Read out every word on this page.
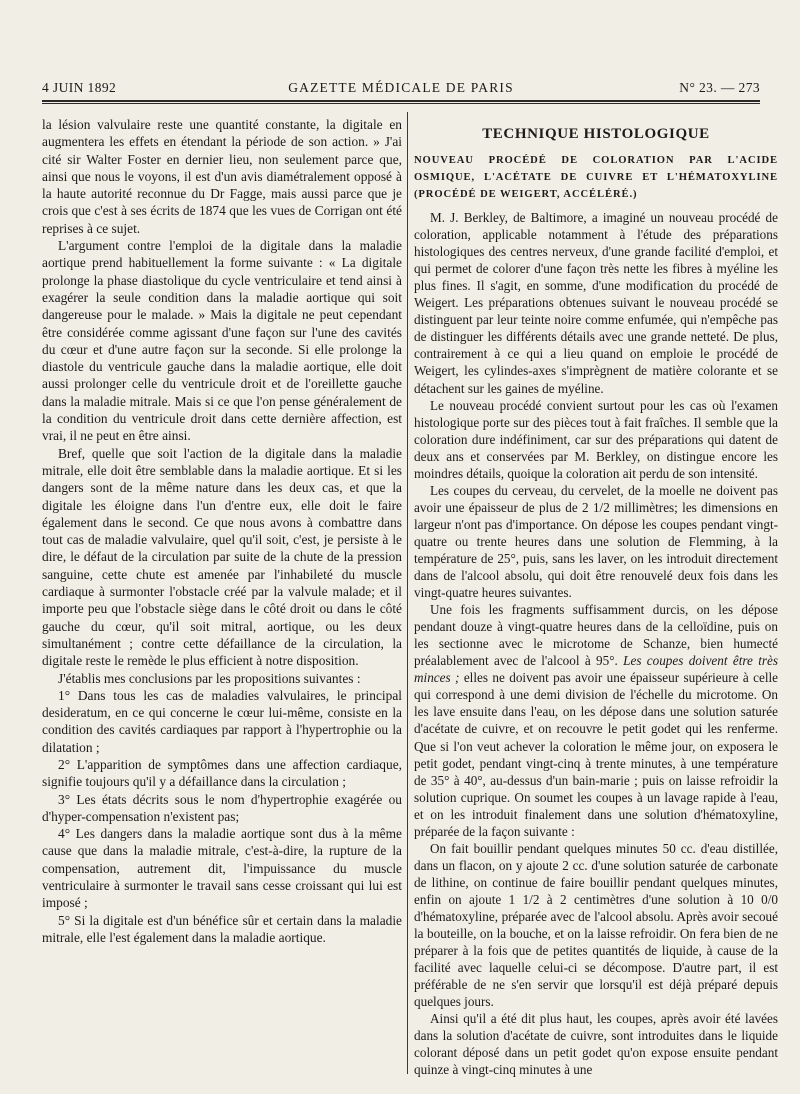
4 JUIN 1892	GAZETTE MÉDICALE DE PARIS	N° 23. — 273

la lésion valvulaire reste une quantité constante, la digitale en augmentera les effets en étendant la période de son action. » J'ai cité sir Walter Foster en dernier lieu, non seulement parce que, ainsi que nous le voyons, il est d'un avis diamétralement opposé à la haute autorité reconnue du Dr Fagge, mais aussi parce que je crois que c'est à ses écrits de 1874 que les vues de Corrigan ont été reprises à ce sujet.

L'argument contre l'emploi de la digitale dans la maladie aortique prend habituellement la forme suivante : « La digitale prolonge la phase diastolique du cycle ventriculaire et tend ainsi à exagérer la seule condition dans la maladie aortique qui soit dangereuse pour le malade. » Mais la digitale ne peut cependant être considérée comme agissant d'une façon sur l'une des cavités du cœur et d'une autre façon sur la seconde. Si elle prolonge la diastole du ventricule gauche dans la maladie aortique, elle doit aussi prolonger celle du ventricule droit et de l'oreillette gauche dans la maladie mitrale. Mais si ce que l'on pense généralement de la condition du ventricule droit dans cette dernière affection, est vrai, il ne peut en être ainsi.

Bref, quelle que soit l'action de la digitale dans la maladie mitrale, elle doit être semblable dans la maladie aortique. Et si les dangers sont de la même nature dans les deux cas, et que la digitale les éloigne dans l'un d'entre eux, elle doit le faire également dans le second. Ce que nous avons à combattre dans tout cas de maladie valvulaire, quel qu'il soit, c'est, je persiste à le dire, le défaut de la circulation par suite de la chute de la pression sanguine, cette chute est amenée par l'inhabileté du muscle cardiaque à surmonter l'obstacle créé par la valvule malade; et il importe peu que l'obstacle siège dans le côté droit ou dans le côté gauche du cœur, qu'il soit mitral, aortique, ou les deux simultanément ; contre cette défaillance de la circulation, la digitale reste le remède le plus efficient à notre disposition.

J'établis mes conclusions par les propositions suivantes :

1° Dans tous les cas de maladies valvulaires, le principal desideratum, en ce qui concerne le cœur lui-même, consiste en la condition des cavités cardiaques par rapport à l'hypertrophie ou la dilatation ;

2° L'apparition de symptômes dans une affection cardiaque, signifie toujours qu'il y a défaillance dans la circulation ;

3° Les états décrits sous le nom d'hypertrophie exagérée ou d'hyper-compensation n'existent pas;

4° Les dangers dans la maladie aortique sont dus à la même cause que dans la maladie mitrale, c'est-à-dire, la rupture de la compensation, autrement dit, l'impuissance du muscle ventriculaire à surmonter le travail sans cesse croissant qui lui est imposé ;

5° Si la digitale est d'un bénéfice sûr et certain dans la maladie mitrale, elle l'est également dans la maladie aortique.

TECHNIQUE HISTOLOGIQUE
NOUVEAU PROCÉDÉ DE COLORATION PAR L'ACIDE OSMIQUE, L'ACÉTATE DE CUIVRE ET L'HÉMATOXYLINE (PROCÉDÉ DE WEIGERT, ACCÉLÉRÉ.)

M. J. Berkley, de Baltimore, a imaginé un nouveau procédé de coloration, applicable notamment à l'étude des préparations histologiques des centres nerveux, d'une grande facilité d'emploi, et qui permet de colorer d'une façon très nette les fibres à myéline les plus fines. Il s'agit, en somme, d'une modification du procédé de Weigert. Les préparations obtenues suivant le nouveau procédé se distinguent par leur teinte noire comme enfumée, qui n'empêche pas de distinguer les différents détails avec une grande netteté. De plus, contrairement à ce qui a lieu quand on emploie le procédé de Weigert, les cylindes-axes s'imprègnent de matière colorante et se détachent sur les gaines de myéline.

Le nouveau procédé convient surtout pour les cas où l'examen histologique porte sur des pièces tout à fait fraîches. Il semble que la coloration dure indéfiniment, car sur des préparations qui datent de deux ans et conservées par M. Berkley, on distingue encore les moindres détails, quoique la coloration ait perdu de son intensité.

Les coupes du cerveau, du cervelet, de la moelle ne doivent pas avoir une épaisseur de plus de 2 1/2 millimètres; les dimensions en largeur n'ont pas d'importance. On dépose les coupes pendant vingt-quatre ou trente heures dans une solution de Flemming, à la température de 25°, puis, sans les laver, on les introduit directement dans de l'alcool absolu, qui doit être renouvelé deux fois dans les vingt-quatre heures suivantes.

Une fois les fragments suffisamment durcis, on les dépose pendant douze à vingt-quatre heures dans de la celloïdine, puis on les sectionne avec le microtome de Schanze, bien humecté préalablement avec de l'alcool à 95°. Les coupes doivent être très minces ; elles ne doivent pas avoir une épaisseur supérieure à celle qui correspond à une demi division de l'échelle du microtome. On les lave ensuite dans l'eau, on les dépose dans une solution saturée d'acétate de cuivre, et on recouvre le petit godet qui les renferme. Que si l'on veut achever la coloration le même jour, on exposera le petit godet, pendant vingt-cinq à trente minutes, à une température de 35° à 40°, au-dessus d'un bain-marie ; puis on laisse refroidir la solution cuprique. On soumet les coupes à un lavage rapide à l'eau, et on les introduit finalement dans une solution d'hématoxyline, préparée de la façon suivante :

On fait bouillir pendant quelques minutes 50 cc. d'eau distillée, dans un flacon, on y ajoute 2 cc. d'une solution saturée de carbonate de lithine, on continue de faire bouillir pendant quelques minutes, enfin on ajoute 1 1/2 à 2 centimètres d'une solution à 10 0/0 d'hématoxyline, préparée avec de l'alcool absolu. Après avoir secoué la bouteille, on la bouche, et on la laisse refroidir. On fera bien de ne préparer à la fois que de petites quantités de liquide, à cause de la facilité avec laquelle celui-ci se décompose. D'autre part, il est préférable de ne s'en servir que lorsqu'il est déjà préparé depuis quelques jours.

Ainsi qu'il a été dit plus haut, les coupes, après avoir été lavées dans la solution d'acétate de cuivre, sont introduites dans le liquide colorant déposé dans un petit godet qu'on expose ensuite pendant quinze à vingt-cinq minutes à une
